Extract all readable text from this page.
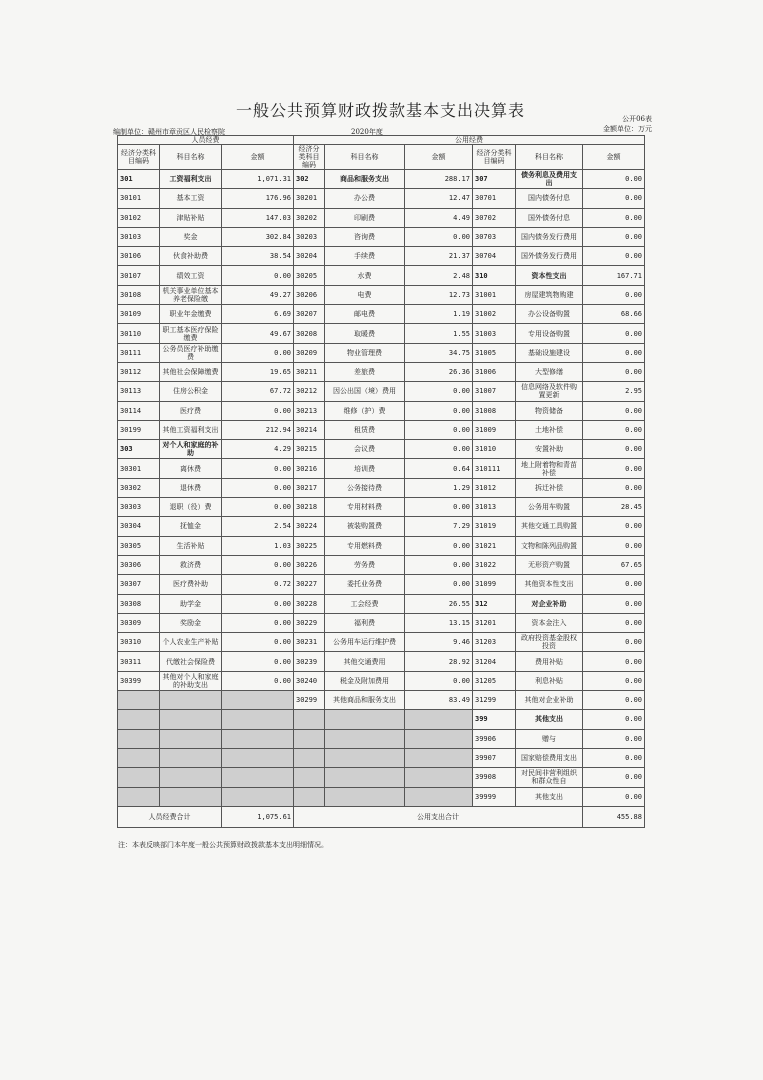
一般公共预算财政拨款基本支出决算表	公开06表
金额单位：万元
编制单位：赣州市章贡区人民检察院	2020年度
人员经费			公用经费					
经济分类科目编码	科目名称	金额	经济分类科目编码	科目名称	金额	经济分类科目编码	科目名称	金额
301	工资福利支出	1,071.31	302	商品和服务支出	288.17	307	债务利息及费用支出	0.00
30101	基本工资	176.96	30201	办公费	12.47	30701	国内债务付息	0.00
30102	津贴补贴	147.03	30202	印刷费	4.49	30702	国外债务付息	0.00
30103	奖金	302.84	30203	咨询费	0.00	30703	国内债务发行费用	0.00
30106	伙食补助费	38.54	30204	手续费	21.37	30704	国外债务发行费用	0.00
30107	绩效工资	0.00	30205	水费	2.48	310	资本性支出	167.71
30108	机关事业单位基本养老保险缴	49.27	30206	电费	12.73	31001	房屋建筑物购建	0.00
30109	职业年金缴费	6.69	30207	邮电费	1.19	31002	办公设备购置	68.66
30110	职工基本医疗保险缴费	49.67	30208	取暖费	1.55	31003	专用设备购置	0.00
30111	公务员医疗补助缴费	0.00	30209	物业管理费	34.75	31005	基础设施建设	0.00
30112	其他社会保障缴费	19.65	30211	差旅费	26.36	31006	大型修缮	0.00
30113	住房公积金	67.72	30212	因公出国（境）费用	0.00	31007	信息网络及软件购置更新	2.95
30114	医疗费	0.00	30213	维修（护）费	0.00	31008	物资储备	0.00
30199	其他工资福利支出	212.94	30214	租赁费	0.00	31009	土地补偿	0.00
303	对个人和家庭的补助	4.29	30215	会议费	0.00	31010	安置补助	0.00
30301	离休费	0.00	30216	培训费	0.64	310111	地上附着物和青苗补偿	0.00
30302	退休费	0.00	30217	公务接待费	1.29	31012	拆迁补偿	0.00
30303	退职（役）费	0.00	30218	专用材料费	0.00	31013	公务用车购置	28.45
30304	抚恤金	2.54	30224	被装购置费	7.29	31019	其他交通工具购置	0.00
30305	生活补贴	1.03	30225	专用燃料费	0.00	31021	文物和陈列品购置	0.00
30306	救济费	0.00	30226	劳务费	0.00	31022	无形资产购置	67.65
30307	医疗费补助	0.72	30227	委托业务费	0.00	31099	其他资本性支出	0.00
30308	助学金	0.00	30228	工会经费	26.55	312	对企业补助	0.00
30309	奖励金	0.00	30229	福利费	13.15	31201	资本金注入	0.00
30310	个人农业生产补贴	0.00	30231	公务用车运行维护费	9.46	31203	政府投资基金股权投资	0.00
30311	代缴社会保险费	0.00	30239	其他交通费用	28.92	31204	费用补贴	0.00
30399	其他对个人和家庭的补助支出	0.00	30240	税金及附加费用	0.00	31205	利息补贴	0.00
			30299	其他商品和服务支出	83.49	31299	其他对企业补助	0.00
						399	其他支出	0.00
						39906	赠与	0.00
						39907	国家赔偿费用支出	0.00
						39908	对民间非营利组织和群众性自	0.00
						39999	其他支出	0.00
人员经费合计		1,075.61	公用支出合计					455.88
注：本表反映部门本年度一般公共预算财政拨款基本支出明细情况。
